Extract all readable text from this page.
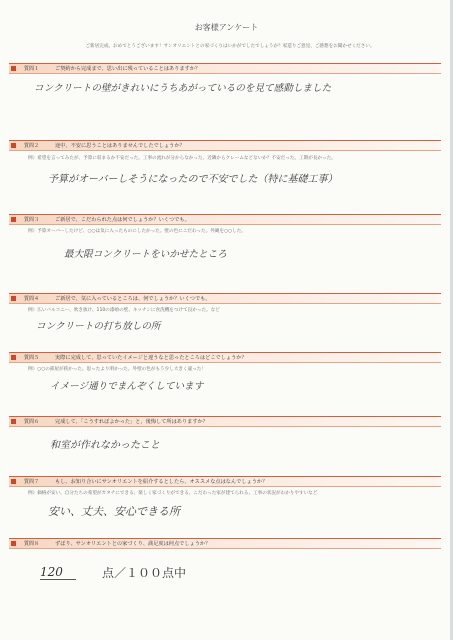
お客様アンケート
ご新居完成、おめでとうございます！サンオリエントとの家づくりはいかがでしたでしょうか？家造りご意見、ご感想をお聞かせください。
質問１	ご契約から完成まで、思い出に残っていることはありますか？
コンクリートの壁がきれいにうちあがっているのを見て感動しました
質問２	途中、不安に思うことはありませんでしたでしょうか？
例）希望を言ってみたが、予算に収まるか不安だった。工事の流れが分からなかった。近隣からクレームなどないか？不安だった。工期が長かった。
予算がオーバーしそうになったので不安でした（特に基礎工事）
質問３	ご新居で、こだわられた点は何でしょうか？いくつでも。
例）予算オーバーしたけど、○○は気に入ったものにしたかった。壁の色にこだわった。外観を○○した。
最大限コンクリートをいかせたところ
質問４	ご新居で、気に入っているところは、何でしょうか？いくつでも。
例）広いバルコニー、吹き抜け、110の漆喰の壁、キッチンに食洗機をつけて良かった。など
コンクリートの打ち放しの所
質問５	実際に完成して、思っていたイメージと違うなと思ったところはどこでしょうか？
例）○○の部屋が狭かった。思ったより明かった。外壁の色がもう少し大きく違った！
イメージ通りでまんぞくしています
質問６	完成して、「こうすればよかった」と、後悔して所はありますか？
和室が作れなかったこと
質問７	もし、お知り合いにサンオリエントを紹介するとしたら、オススメな点はなんでしょうか？
例）価格が安い、自分たちの希望がカタチにできる、楽しく家づくりができる、こだわった家が建てられる、工事の状況がわかりやすいなど
安い、丈夫、安心できる所
質問８	ずばり、サンオリエントとの家づくり、満足度は何点でしょうか？
120	点／１００点中
